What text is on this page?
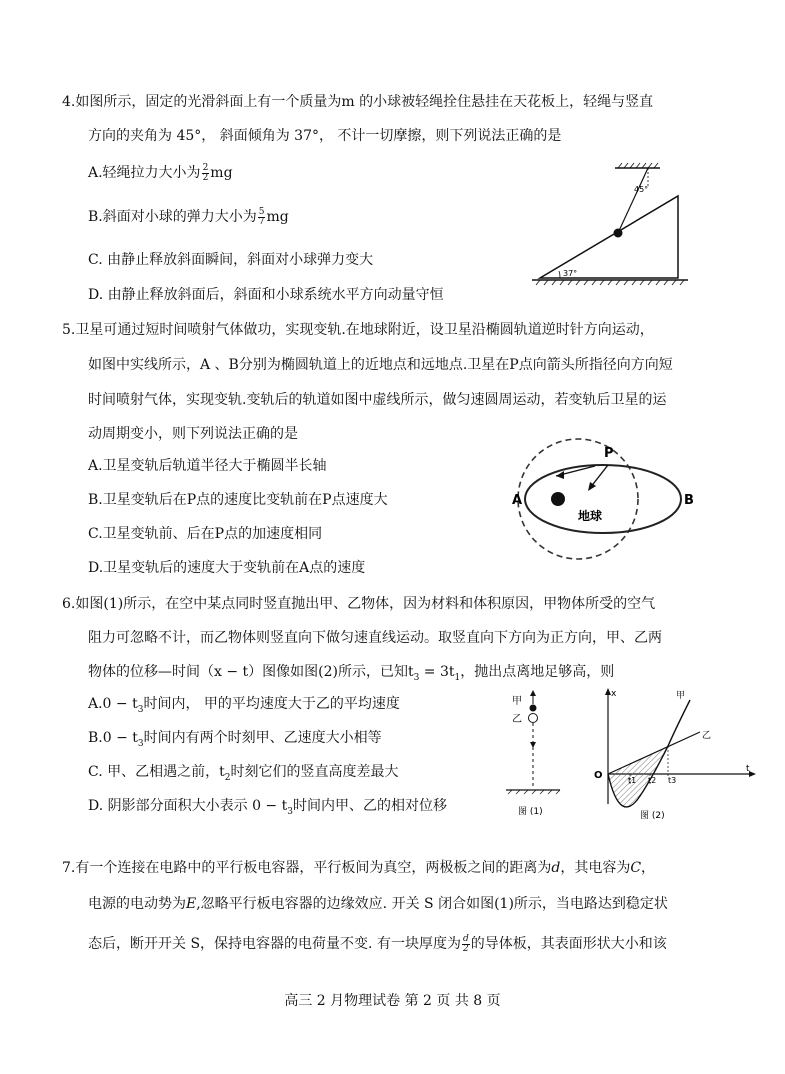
4.如图所示，固定的光滑斜面上有一个质量为m 的小球被轻绳拴住悬挂在天花板上，轻绳与竖直
方向的夹角为 45°， 斜面倾角为 37°， 不计一切摩擦，则下列说法正确的是
A.轻绳拉力大小为 $\frac{2}{2}$ mg
B.斜面对小球的弹力大小为 $\frac{5}{7}$ mg
C. 由静止释放斜面瞬间，斜面对小球弹力变大
D. 由静止释放斜面后，斜面和小球系统水平方向动量守恒
37°
45°
5.卫星可通过短时间喷射气体做功，实现变轨.在地球附近，设卫星沿椭圆轨道逆时针方向运动，
如图中实线所示，A 、B分别为椭圆轨道上的近地点和远地点.卫星在P点向箭头所指径向方向短
时间喷射气体，实现变轨.变轨后的轨道如图中虚线所示，做匀速圆周运动，若变轨后卫星的运
动周期变小，则下列说法正确的是
A.卫星变轨后轨道半径大于椭圆半长轴
B.卫星变轨后在P点的速度比变轨前在P点速度大
C.卫星变轨前、后在P点的加速度相同
D.卫星变轨后的速度大于变轨前在A点的速度
P
A	B
地球
6.如图(1)所示，在空中某点同时竖直抛出甲、乙物体，因为材料和体积原因，甲物体所受的空气
阻力可忽略不计，而乙物体则竖直向下做匀速直线运动。取竖直向下方向为正方向，甲、乙两
物体的位移—时间（x − t）图像如图(2)所示，已知$t_3 = 3t_1$，抛出点离地足够高，则
$A.0 - t_3$时间内， 甲的平均速度大于乙的平均速度
$B.0 - t_3$时间内有两个时刻甲、乙速度大小相等
C. 甲、乙相遇之前，$t_2$时刻它们的竖直高度差最大
D. 阴影部分面积大小表示 $0 - t_3$时间内甲、乙的相对位移
甲
乙
图 (1)
x
t
O	t1 t2 t3
甲
乙
图 (2)
7.有一个连接在电路中的平行板电容器，平行板间为真空，两极板之间的距离为d，其电容为C，
电源的电动势为E,忽略平行板电容器的边缘效应. 开关 S 闭合如图(1)所示，当电路达到稳定状
态后，断开开关 S，保持电容器的电荷量不变. 有一块厚度为 $\frac{d}{2}$ 的导体板，其表面形状大小和该
高三 2 月物理试卷 第 2 页 共 8 页
